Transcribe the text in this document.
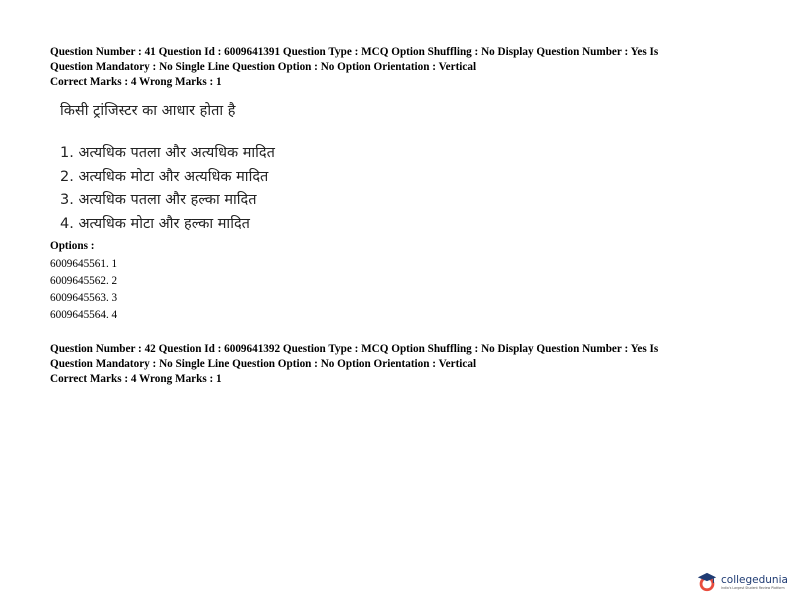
Question Number : 41 Question Id : 6009641391 Question Type : MCQ Option Shuffling : No Display Question Number : Yes Is
Question Mandatory : No Single Line Question Option : No Option Orientation : Vertical
Correct Marks : 4 Wrong Marks : 1
किसी ट्रांजिस्टर का आधार होता है
1. अत्यधिक पतला और अत्यधिक मादित
2. अत्यधिक मोटा और अत्यधिक मादित
3. अत्यधिक पतला और हल्का मादित
4. अत्यधिक मोटा और हल्का मादित
Options :
6009645561. 1
6009645562. 2
6009645563. 3
6009645564. 4
Question Number : 42 Question Id : 6009641392 Question Type : MCQ Option Shuffling : No Display Question Number : Yes Is
Question Mandatory : No Single Line Question Option : No Option Orientation : Vertical
Correct Marks : 4 Wrong Marks : 1
collegedunia
India's Largest Student Review Platform
